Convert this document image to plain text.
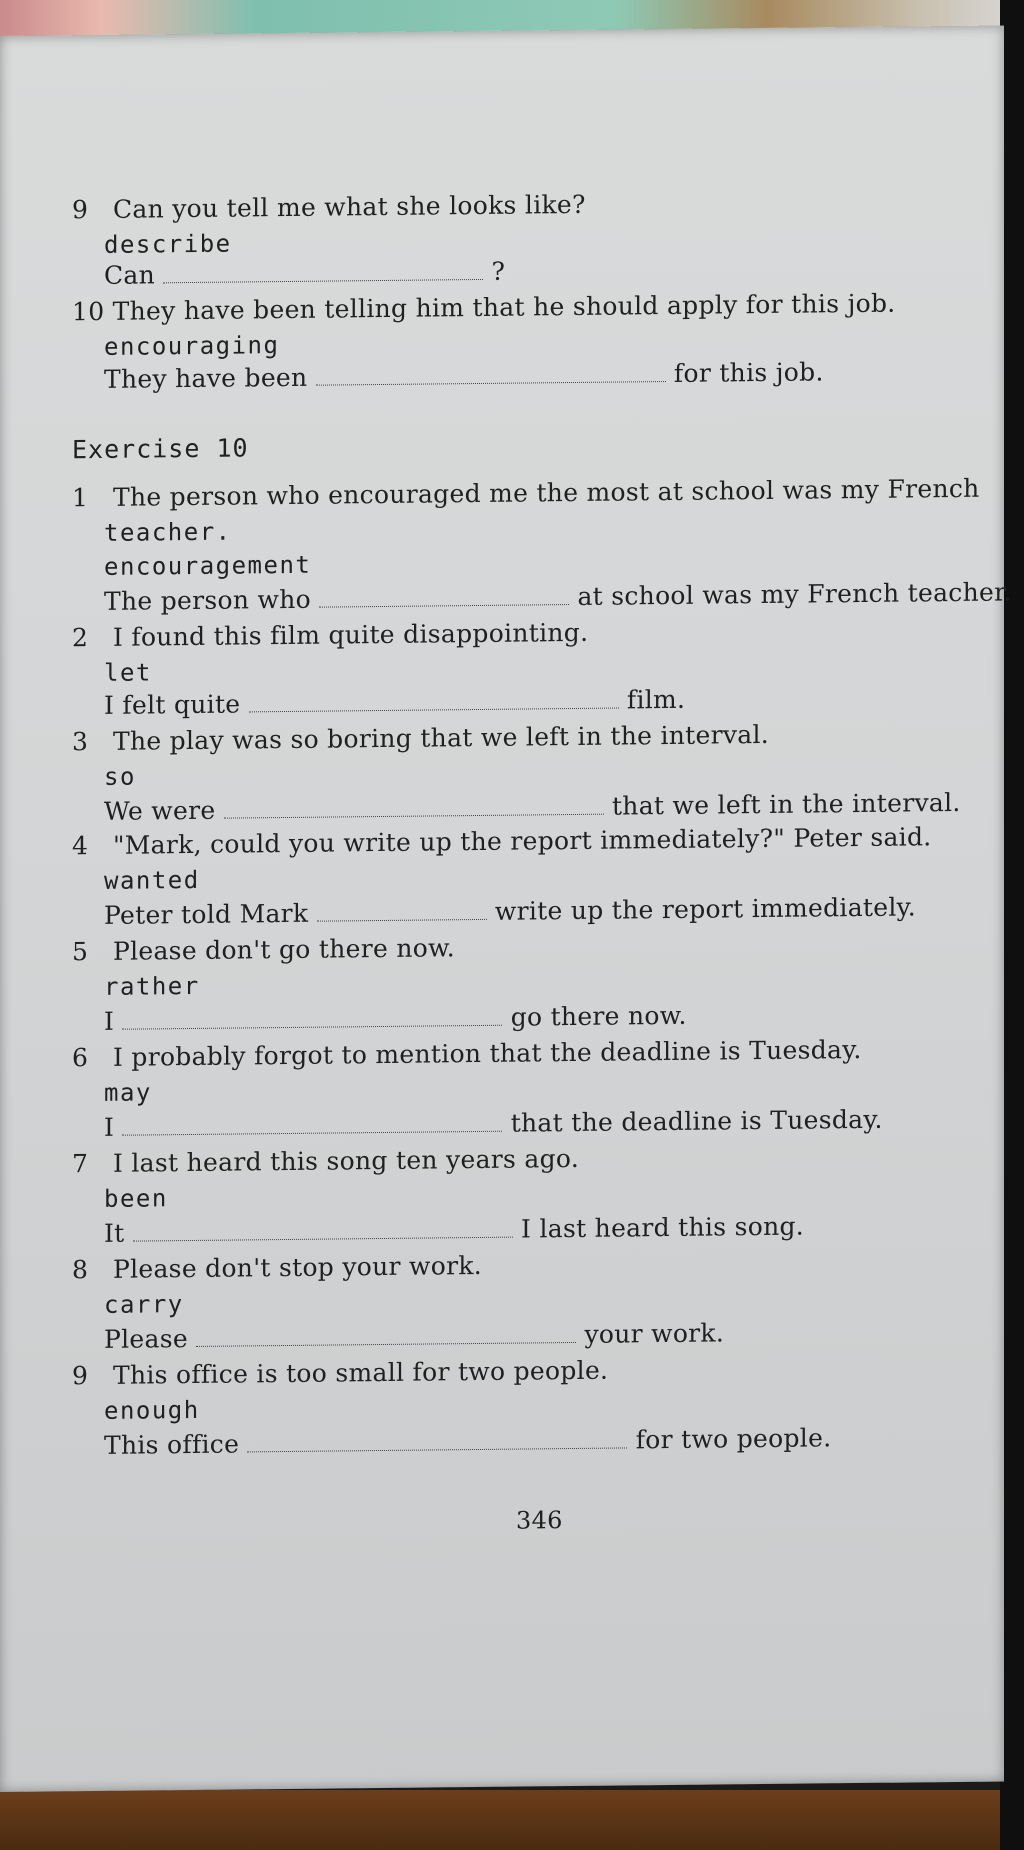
9 Can you tell me what she looks like?
describe
Can	?
10 They have been telling him that he should apply for this job.
encouraging
They have been	for this job.
Exercise 10
1 The person who encouraged me the most at school was my French
teacher.
encouragement
The person who	at school was my French teacher.
2 I found this film quite disappointing.
let
I felt quite	film.
3 The play was so boring that we left in the interval.
so
We were	that we left in the interval.
4 "Mark, could you write up the report immediately?" Peter said.
wanted
Peter told Mark	write up the report immediately.
5 Please don't go there now.
rather
I	go there now.
6 I probably forgot to mention that the deadline is Tuesday.
may
I	that the deadline is Tuesday.
7 I last heard this song ten years ago.
been
It	I last heard this song.
8 Please don't stop your work.
carry
Please	your work.
9 This office is too small for two people.
enough
This office	for two people.
346
